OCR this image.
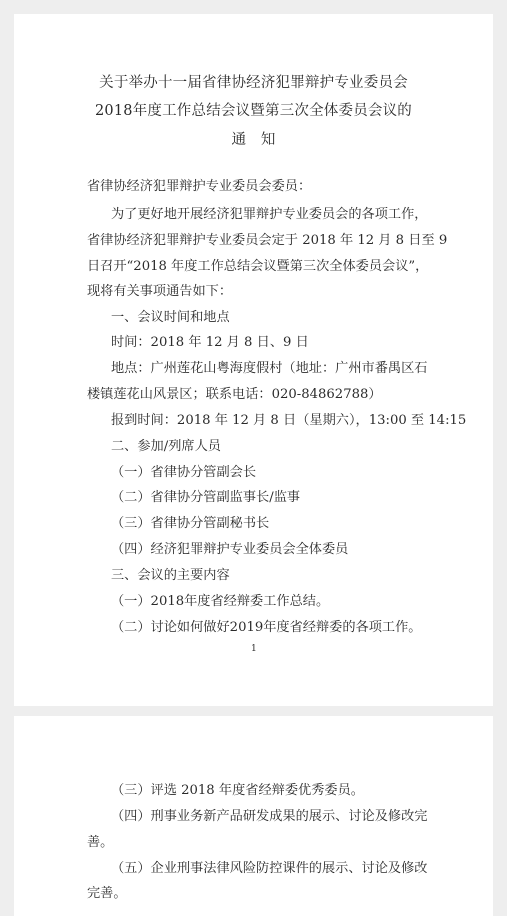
关于举办十一届省律协经济犯罪辩护专业委员会
2018年度工作总结会议暨第三次全体委员会议的
通　知
省律协经济犯罪辩护专业委员会委员：
为了更好地开展经济犯罪辩护专业委员会的各项工作，
省律协经济犯罪辩护专业委员会定于 2018 年 12 月 8 日至 9
日召开“2018 年度工作总结会议暨第三次全体委员会议”，
现将有关事项通告如下：
一、会议时间和地点
时间：2018 年 12 月 8 日、9 日
地点：广州莲花山粤海度假村（地址：广州市番禺区石
楼镇莲花山风景区；联系电话：020-84862788）
报到时间：2018 年 12 月 8 日（星期六），13:00 至 14:15
二、参加/列席人员
（一）省律协分管副会长
（二）省律协分管副监事长/监事
（三）省律协分管副秘书长
（四）经济犯罪辩护专业委员会全体委员
三、会议的主要内容
（一）2018年度省经辩委工作总结。
（二）讨论如何做好2019年度省经辩委的各项工作。
1
（三）评选 2018 年度省经辩委优秀委员。
（四）刑事业务新产品研发成果的展示、讨论及修改完
善。
（五）企业刑事法律风险防控课件的展示、讨论及修改
完善。
